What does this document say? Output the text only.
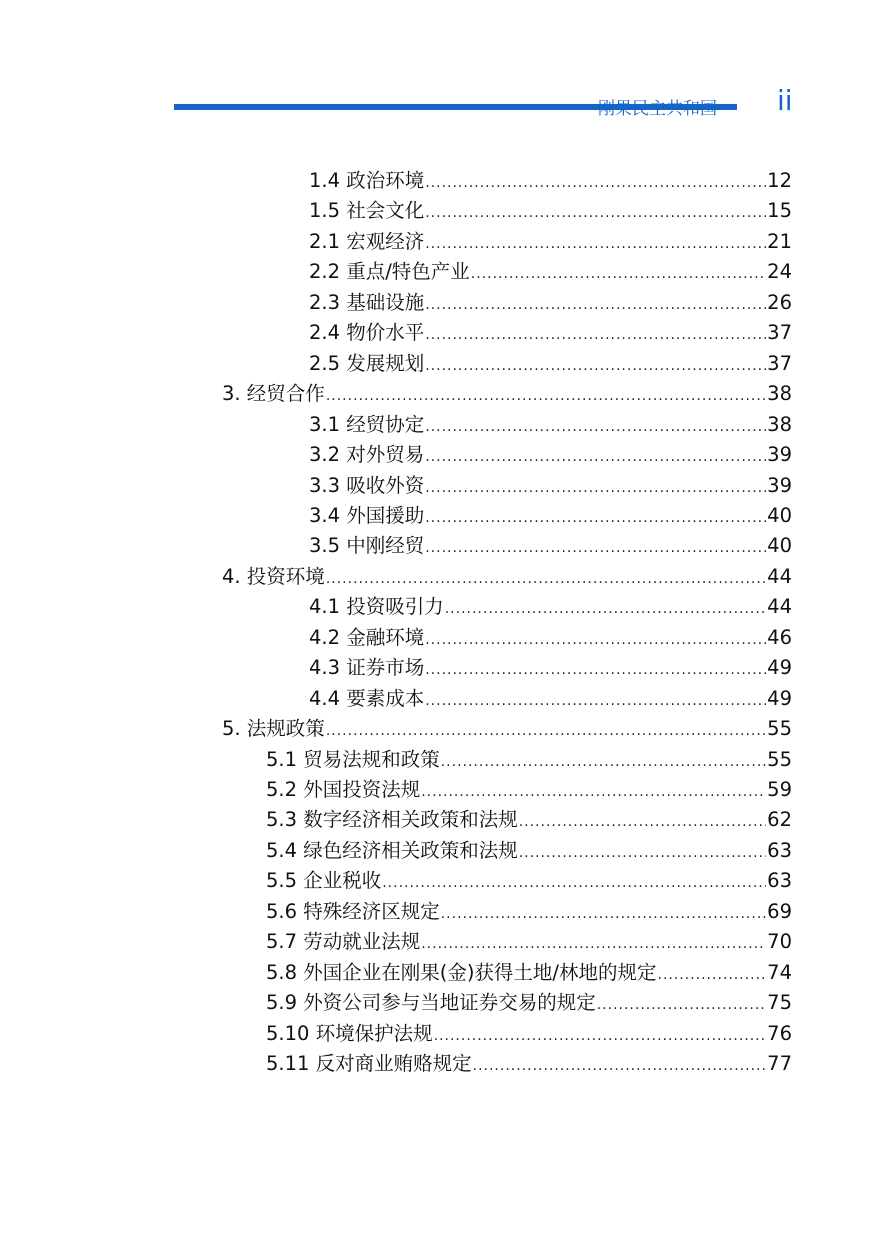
刚果民主共和国 ii
1.4 政治环境 .....	12
1.5 社会文化 .....	15
2.1 宏观经济 .....	21
2.2 重点/特色产业 .....	24
2.3 基础设施 .....	26
2.4 物价水平 .....	37
2.5 发展规划 .....	37
3. 经贸合作 .....	38
3.1 经贸协定 .....	38
3.2 对外贸易 .....	39
3.3 吸收外资 .....	39
3.4 外国援助 .....	40
3.5 中刚经贸 .....	40
4. 投资环境 .....	44
4.1 投资吸引力 .....	44
4.2 金融环境 .....	46
4.3 证券市场 .....	49
4.4 要素成本 .....	49
5. 法规政策 .....	55
5.1 贸易法规和政策 .....	55
5.2 外国投资法规 .....	59
5.3 数字经济相关政策和法规 .....	62
5.4 绿色经济相关政策和法规 .....	63
5.5 企业税收 .....	63
5.6 特殊经济区规定 .....	69
5.7 劳动就业法规 .....	70
5.8 外国企业在刚果(金)获得土地/林地的规定 .....	74
5.9 外资公司参与当地证券交易的规定 .....	75
5.10 环境保护法规 .....	76
5.11 反对商业贿赂规定 .....	77
